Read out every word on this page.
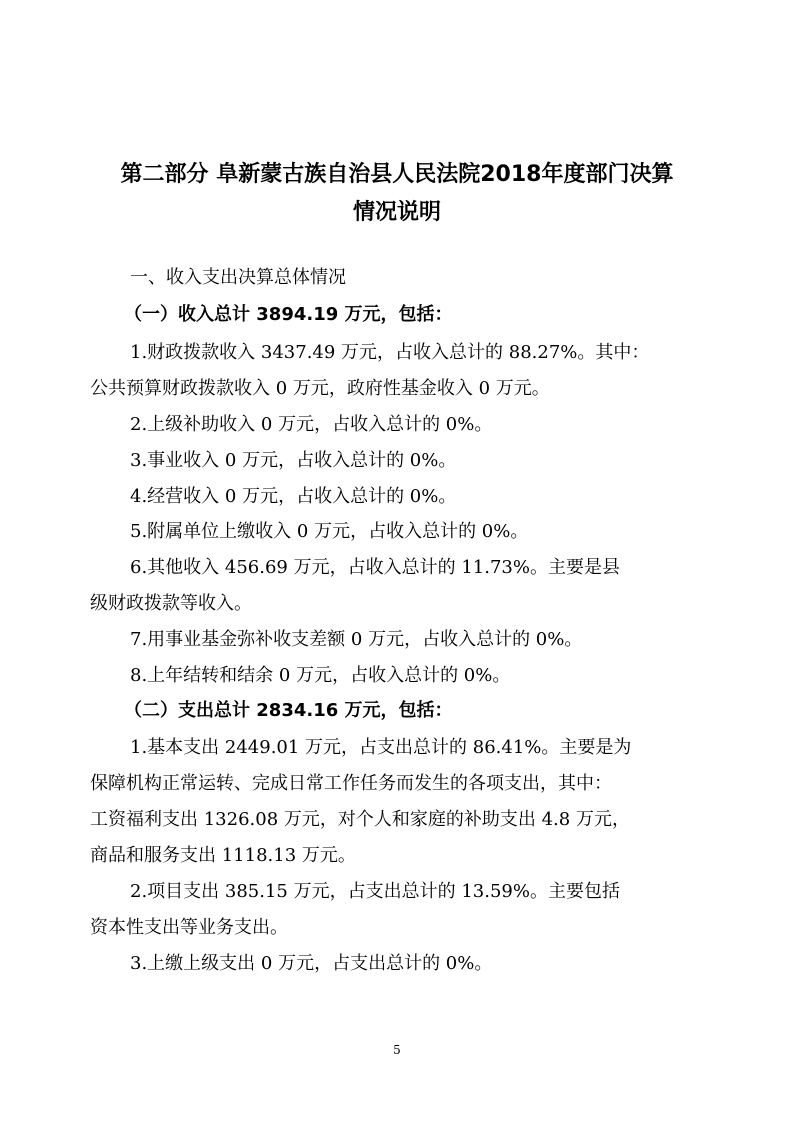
第二部分 阜新蒙古族自治县人民法院2018年度部门决算
情况说明

一、收入支出决算总体情况

（一）收入总计 3894.19 万元，包括：

1.财政拨款收入 3437.49 万元，占收入总计的 88.27%。其中：

公共预算财政拨款收入 0 万元，政府性基金收入 0 万元。

2.上级补助收入 0 万元，占收入总计的 0%。

3.事业收入 0 万元，占收入总计的 0%。

4.经营收入 0 万元，占收入总计的 0%。

5.附属单位上缴收入 0 万元，占收入总计的 0%。

6.其他收入 456.69 万元，占收入总计的 11.73%。主要是县

级财政拨款等收入。

7.用事业基金弥补收支差额 0 万元，占收入总计的 0%。

8.上年结转和结余 0 万元，占收入总计的 0%。

（二）支出总计 2834.16 万元，包括：

1.基本支出 2449.01 万元，占支出总计的 86.41%。主要是为

保障机构正常运转、完成日常工作任务而发生的各项支出，其中：

工资福利支出 1326.08 万元，对个人和家庭的补助支出 4.8 万元，

商品和服务支出 1118.13 万元。

2.项目支出 385.15 万元，占支出总计的 13.59%。主要包括

资本性支出等业务支出。

3.上缴上级支出 0 万元，占支出总计的 0%。

5
